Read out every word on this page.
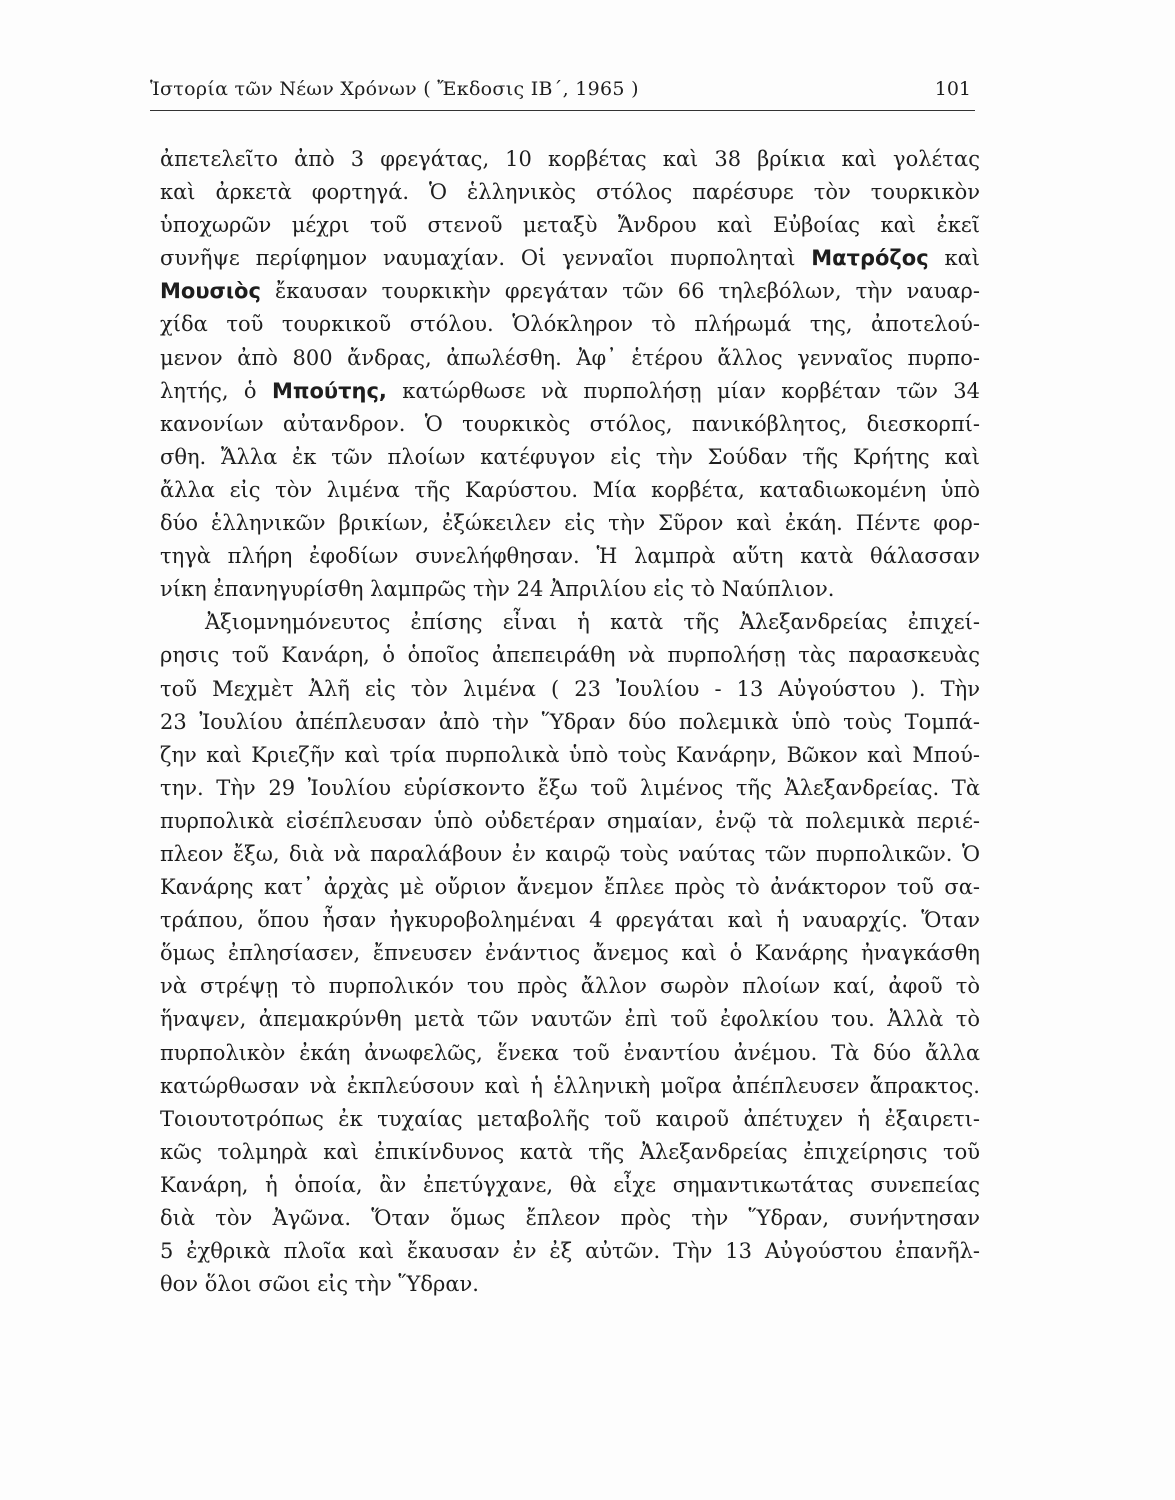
Ἱστορία τῶν Νέων Χρόνων ( Ἔκδοσις ΙΒ΄, 1965 )	101
ἀπετελεῖτο ἀπὸ 3 φρεγάτας, 10 κορβέτας καὶ 38 βρίκια καὶ γολέτας
καὶ ἀρκετὰ φορτηγά. Ὁ ἑλληνικὸς στόλος παρέσυρε τὸν τουρκικὸν
ὑποχωρῶν μέχρι τοῦ στενοῦ μεταξὺ Ἄνδρου καὶ Εὐβοίας καὶ ἐκεῖ
συνῆψε περίφημον ναυμαχίαν. Οἱ γενναῖοι πυρποληταὶ Ματρόζος καὶ
Μουσιὸς ἔκαυσαν τουρκικὴν φρεγάταν τῶν 66 τηλεβόλων, τὴν ναυαρ-
χίδα τοῦ τουρκικοῦ στόλου. Ὁλόκληρον τὸ πλήρωμά της, ἀποτελού-
μενον ἀπὸ 800 ἄνδρας, ἀπωλέσθη. Ἀφ᾽ ἑτέρου ἄλλος γενναῖος πυρπο-
λητής, ὁ Μπούτης, κατώρθωσε νὰ πυρπολήσῃ μίαν κορβέταν τῶν 34
κανονίων αὐτανδρον. Ὁ τουρκικὸς στόλος, πανικόβλητος, διεσκορπί-
σθη. Ἄλλα ἐκ τῶν πλοίων κατέφυγον εἰς τὴν Σούδαν τῆς Κρήτης καὶ
ἄλλα εἰς τὸν λιμένα τῆς Καρύστου. Μία κορβέτα, καταδιωκομένη ὑπὸ
δύο ἑλληνικῶν βρικίων, ἐξώκειλεν εἰς τὴν Σῦρον καὶ ἐκάη. Πέντε φορ-
τηγὰ πλήρη ἐφοδίων συνελήφθησαν. Ἡ λαμπρὰ αὕτη κατὰ θάλασσαν
νίκη ἐπανηγυρίσθη λαμπρῶς τὴν 24 Ἀπριλίου εἰς τὸ Ναύπλιον.
Ἀξιομνημόνευτος ἐπίσης εἶναι ἡ κατὰ τῆς Ἀλεξανδρείας ἐπιχεί-
ρησις τοῦ Κανάρη, ὁ ὁποῖος ἀπεπειράθη νὰ πυρπολήσῃ τὰς παρασκευὰς
τοῦ Μεχμὲτ Ἀλῆ εἰς τὸν λιμένα ( 23 Ἰουλίου - 13 Αὐγούστου ). Τὴν
23 Ἰουλίου ἀπέπλευσαν ἀπὸ τὴν Ὕδραν δύο πολεμικὰ ὑπὸ τοὺς Τομπά-
ζην καὶ Κριεζῆν καὶ τρία πυρπολικὰ ὑπὸ τοὺς Κανάρην, Βῶκον καὶ Μπού-
την. Τὴν 29 Ἰουλίου εὑρίσκοντο ἔξω τοῦ λιμένος τῆς Ἀλεξανδρείας. Τὰ
πυρπολικὰ εἰσέπλευσαν ὑπὸ οὐδετέραν σημαίαν, ἐνῷ τὰ πολεμικὰ περιέ-
πλεον ἔξω, διὰ νὰ παραλάβουν ἐν καιρῷ τοὺς ναύτας τῶν πυρπολικῶν. Ὁ
Κανάρης κατ᾽ ἀρχὰς μὲ οὔριον ἄνεμον ἔπλεε πρὸς τὸ ἀνάκτορον τοῦ σα-
τράπου, ὅπου ἦσαν ἠγκυροβολημέναι 4 φρεγάται καὶ ἡ ναυαρχίς. Ὅταν
ὅμως ἐπλησίασεν, ἔπνευσεν ἐνάντιος ἄνεμος καὶ ὁ Κανάρης ἠναγκάσθη
νὰ στρέψῃ τὸ πυρπολικόν του πρὸς ἄλλον σωρὸν πλοίων καί, ἀφοῦ τὸ
ἥναψεν, ἀπεμακρύνθη μετὰ τῶν ναυτῶν ἐπὶ τοῦ ἐφολκίου του. Ἀλλὰ τὸ
πυρπολικὸν ἐκάη ἀνωφελῶς, ἕνεκα τοῦ ἐναντίου ἀνέμου. Τὰ δύο ἄλλα
κατώρθωσαν νὰ ἐκπλεύσουν καὶ ἡ ἑλληνικὴ μοῖρα ἀπέπλευσεν ἄπρακτος.
Τοιουτοτρόπως ἐκ τυχαίας μεταβολῆς τοῦ καιροῦ ἀπέτυχεν ἡ ἐξαιρετι-
κῶς τολμηρὰ καὶ ἐπικίνδυνος κατὰ τῆς Ἀλεξανδρείας ἐπιχείρησις τοῦ
Κανάρη, ἡ ὁποία, ἂν ἐπετύγχανε, θὰ εἶχε σημαντικωτάτας συνεπείας
διὰ τὸν Ἀγῶνα. Ὅταν ὅμως ἔπλεον πρὸς τὴν Ὕδραν, συνήντησαν
5 ἐχθρικὰ πλοῖα καὶ ἔκαυσαν ἐν ἐξ αὐτῶν. Τὴν 13 Αὐγούστου ἐπανῆλ-
θον ὅλοι σῶοι εἰς τὴν Ὕδραν.
